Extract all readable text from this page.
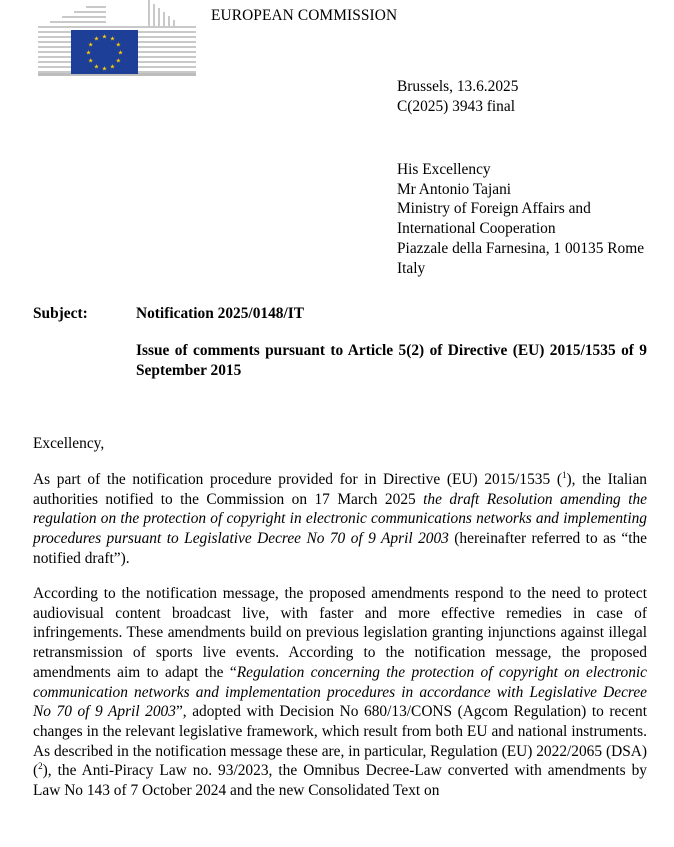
★ ★
★
★
★
★
★
★
★
★
★
★
EUROPEAN COMMISSION
Brussels, 13.6.2025
C(2025) 3943 final
His Excellency
Mr Antonio Tajani
Ministry of Foreign Affairs and
International Cooperation
Piazzale della Farnesina, 1 00135 Rome
Italy
Subject:	Notification 2025/0148/IT
Issue of comments pursuant to Article 5(2) of Directive (EU) 2015/1535 of 9 September 2015
Excellency,
As part of the notification procedure provided for in Directive (EU) 2015/1535 ($^1$), the Italian authorities notified to the Commission on 17 March 2025 the draft Resolution amending the regulation on the protection of copyright in electronic communications networks and implementing procedures pursuant to Legislative Decree No 70 of 9 April 2003 (hereinafter referred to as “the notified draft”).
According to the notification message, the proposed amendments respond to the need to protect audiovisual content broadcast live, with faster and more effective remedies in case of infringements. These amendments build on previous legislation granting injunctions against illegal retransmission of sports live events. According to the notification message, the proposed amendments aim to adapt the “Regulation concerning the protection of copyright on electronic communication networks and implementation procedures in accordance with Legislative Decree No 70 of 9 April 2003”, adopted with Decision No 680/13/CONS (Agcom Regulation) to recent changes in the relevant legislative framework, which result from both EU and national instruments. As described in the notification message these are, in particular, Regulation (EU) 2022/2065 (DSA) ($^2$), the Anti-Piracy Law no. 93/2023, the Omnibus Decree-Law converted with amendments by Law No 143 of 7 October 2024 and the new Consolidated Text on
